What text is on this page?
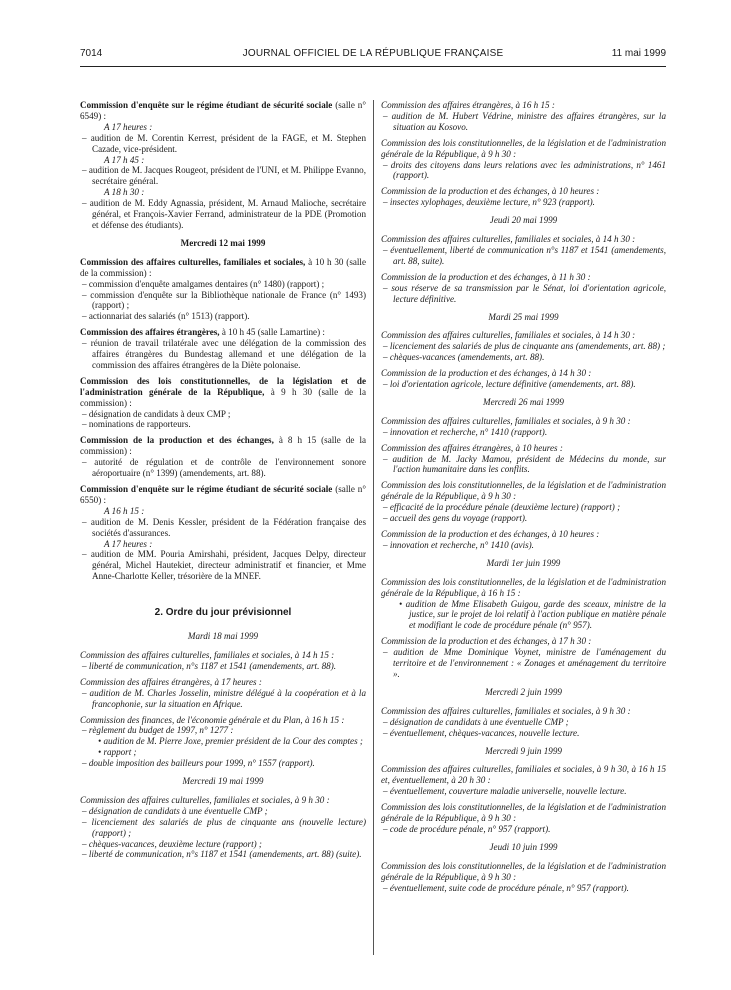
7014	JOURNAL OFFICIEL DE LA RÉPUBLIQUE FRANÇAISE	11 mai 1999
Commission d'enquête sur le régime étudiant de sécurité sociale (salle n° 6549) :
A 17 heures :
– audition de M. Corentin Kerrest, président de la FAGE, et M. Stephen Cazade, vice-président.
A 17 h 45 :
– audition de M. Jacques Rougeot, président de l'UNI, et M. Philippe Evanno, secrétaire général.
A 18 h 30 :
– audition de M. Eddy Agnassia, président, M. Arnaud Malioche, secrétaire général, et François-Xavier Ferrand, administrateur de la PDE (Promotion et défense des étudiants).
Mercredi 12 mai 1999
Commission des affaires culturelles, familiales et sociales, à 10 h 30 (salle de la commission) :
– commission d'enquête amalgames dentaires (n° 1480) (rapport) ;
– commission d'enquête sur la Bibliothèque nationale de France (n° 1493) (rapport) ;
– actionnariat des salariés (n° 1513) (rapport).
Commission des affaires étrangères, à 10 h 45 (salle Lamartine) :
– réunion de travail trilatérale avec une délégation de la commission des affaires étrangères du Bundestag allemand et une délégation de la commission des affaires étrangères de la Diète polonaise.
Commission des lois constitutionnelles, de la législation et de l'administration générale de la République, à 9 h 30 (salle de la commission) :
– désignation de candidats à deux CMP ;
– nominations de rapporteurs.
Commission de la production et des échanges, à 8 h 15 (salle de la commission) :
– autorité de régulation et de contrôle de l'environnement sonore aéroportuaire (n° 1399) (amendements, art. 88).
Commission d'enquête sur le régime étudiant de sécurité sociale (salle n° 6550) :
A 16 h 15 :
– audition de M. Denis Kessler, président de la Fédération française des sociétés d'assurances.
A 17 heures :
– audition de MM. Pouria Amirshahi, président, Jacques Delpy, directeur général, Michel Hautekiet, directeur administratif et financier, et Mme Anne-Charlotte Keller, trésorière de la MNEF.
2. Ordre du jour prévisionnel
Mardi 18 mai 1999
Commission des affaires culturelles, familiales et sociales, à 14 h 15 :
– liberté de communication, n°s 1187 et 1541 (amendements, art. 88).
Commission des affaires étrangères, à 17 heures :
– audition de M. Charles Josselin, ministre délégué à la coopération et à la francophonie, sur la situation en Afrique.
Commission des finances, de l'économie générale et du Plan, à 16 h 15 :
– règlement du budget de 1997, n° 1277 :
• audition de M. Pierre Joxe, premier président de la Cour des comptes ;
• rapport ;
– double imposition des bailleurs pour 1999, n° 1557 (rapport).
Mercredi 19 mai 1999
Commission des affaires culturelles, familiales et sociales, à 9 h 30 :
– désignation de candidats à une éventuelle CMP ;
– licenciement des salariés de plus de cinquante ans (nouvelle lecture) (rapport) ;
– chèques-vacances, deuxième lecture (rapport) ;
– liberté de communication, n°s 1187 et 1541 (amendements, art. 88) (suite).
Commission des affaires étrangères, à 16 h 15 :
– audition de M. Hubert Védrine, ministre des affaires étrangères, sur la situation au Kosovo.
Commission des lois constitutionnelles, de la législation et de l'administration générale de la République, à 9 h 30 :
– droits des citoyens dans leurs relations avec les administrations, n° 1461 (rapport).
Commission de la production et des échanges, à 10 heures :
– insectes xylophages, deuxième lecture, n° 923 (rapport).
Jeudi 20 mai 1999
Commission des affaires culturelles, familiales et sociales, à 14 h 30 :
– éventuellement, liberté de communication n°s 1187 et 1541 (amendements, art. 88, suite).
Commission de la production et des échanges, à 11 h 30 :
– sous réserve de sa transmission par le Sénat, loi d'orientation agricole, lecture définitive.
Mardi 25 mai 1999
Commission des affaires culturelles, familiales et sociales, à 14 h 30 :
– licenciement des salariés de plus de cinquante ans (amendements, art. 88) ;
– chèques-vacances (amendements, art. 88).
Commission de la production et des échanges, à 14 h 30 :
– loi d'orientation agricole, lecture définitive (amendements, art. 88).
Mercredi 26 mai 1999
Commission des affaires culturelles, familiales et sociales, à 9 h 30 :
– innovation et recherche, n° 1410 (rapport).
Commission des affaires étrangères, à 10 heures :
– audition de M. Jacky Mamou, président de Médecins du monde, sur l'action humanitaire dans les conflits.
Commission des lois constitutionnelles, de la législation et de l'administration générale de la République, à 9 h 30 :
– efficacité de la procédure pénale (deuxième lecture) (rapport) ;
– accueil des gens du voyage (rapport).
Commission de la production et des échanges, à 10 heures :
– innovation et recherche, n° 1410 (avis).
Mardi 1er juin 1999
Commission des lois constitutionnelles, de la législation et de l'administration générale de la République, à 16 h 15 :
• audition de Mme Elisabeth Guigou, garde des sceaux, ministre de la justice, sur le projet de loi relatif à l'action publique en matière pénale et modifiant le code de procédure pénale (n° 957).
Commission de la production et des échanges, à 17 h 30 :
– audition de Mme Dominique Voynet, ministre de l'aménagement du territoire et de l'environnement : « Zonages et aménagement du territoire ».
Mercredi 2 juin 1999
Commission des affaires culturelles, familiales et sociales, à 9 h 30 :
– désignation de candidats à une éventuelle CMP ;
– éventuellement, chèques-vacances, nouvelle lecture.
Mercredi 9 juin 1999
Commission des affaires culturelles, familiales et sociales, à 9 h 30, à 16 h 15 et, éventuellement, à 20 h 30 :
– éventuellement, couverture maladie universelle, nouvelle lecture.
Commission des lois constitutionnelles, de la législation et de l'administration générale de la République, à 9 h 30 :
– code de procédure pénale, n° 957 (rapport).
Jeudi 10 juin 1999
Commission des lois constitutionnelles, de la législation et de l'administration générale de la République, à 9 h 30 :
– éventuellement, suite code de procédure pénale, n° 957 (rapport).
